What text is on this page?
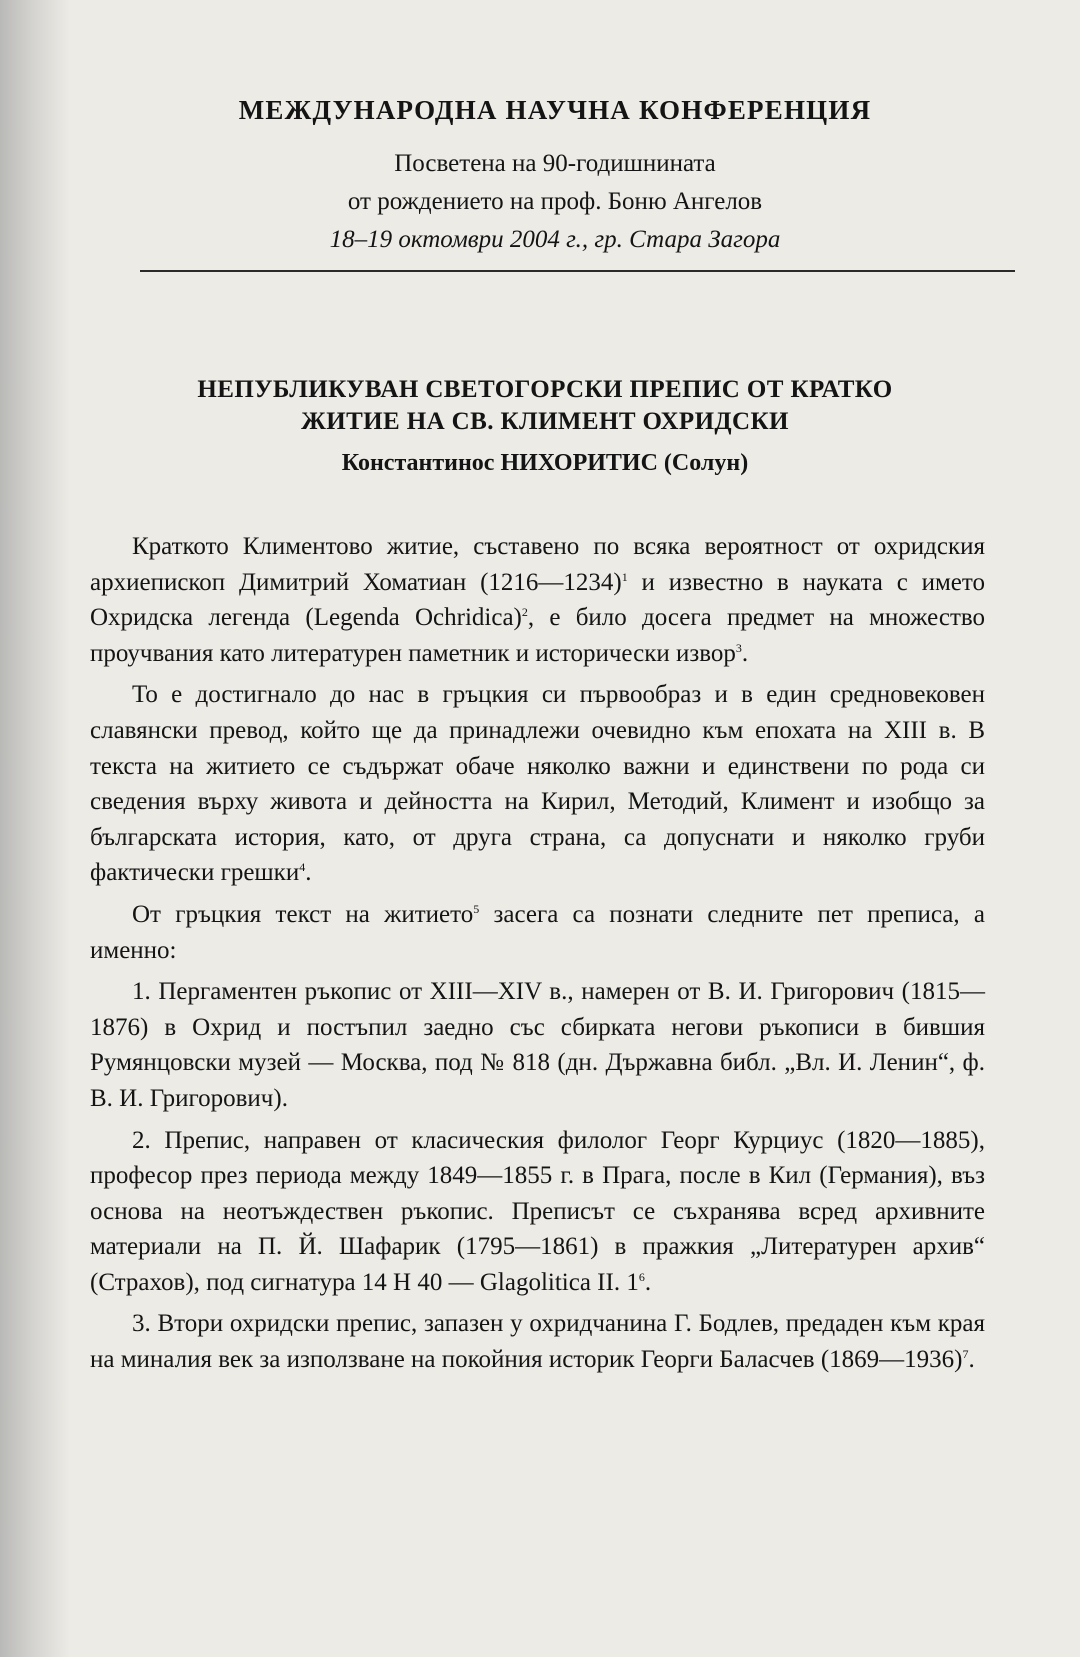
МЕЖДУНАРОДНА НАУЧНА КОНФЕРЕНЦИЯ
Посветена на 90-годишнината
от рождението на проф. Боню Ангелов
18–19 октомври 2004 г., гр. Стара Загора
НЕПУБЛИКУВАН СВЕТОГОРСКИ ПРЕПИС ОТ КРАТКО
ЖИТИЕ НА СВ. КЛИМЕНТ ОХРИДСКИ
Константинос НИХОРИТИС (Солун)

Краткото Климентово житие, съставено по всяка вероятност от охридския архиепископ Димитрий Хоматиан (1216—1234)$^1$ и известно в науката с името Охридска легенда (Legenda Ochridica)$^2$, е било досега предмет на множество проучвания като литературен паметник и исторически извор$^3$.

То е достигнало до нас в гръцкия си първообраз и в един средновековен славянски превод, който ще да принадлежи очевидно към епохата на XIII в. В текста на житието се съдържат обаче няколко важни и единствени по рода си сведения върху живота и дейността на Кирил, Методий, Климент и изобщо за българската история, като, от друга страна, са допуснати и няколко груби фактически грешки$^4$.

От гръцкия текст на житието$^5$ засега са познати следните пет преписа, а именно:

1. Пергаментен ръкопис от XIII—XIV в., намерен от В. И. Григорович (1815—1876) в Охрид и постъпил заедно със сбирката негови ръкописи в бившия Румянцовски музей — Москва, под № 818 (дн. Държавна библ. „Вл. И. Ленин“, ф. В. И. Григорович).

2. Препис, направен от класическия филолог Георг Курциус (1820—1885), професор през периода между 1849—1855 г. в Прага, после в Кил (Германия), въз основа на неотъждествен ръкопис. Преписът се съхранява всред архивните материали на П. Й. Шафарик (1795—1861) в пражкия „Литературен архив“ (Страхов), под сигнатура 14 H 40 — Glagolitica II. $1^6$.

3. Втори охридски препис, запазен у охридчанина Г. Бодлев, предаден към края на миналия век за използване на покойния историк Георги Баласчев (1869—1936)$^7$.
